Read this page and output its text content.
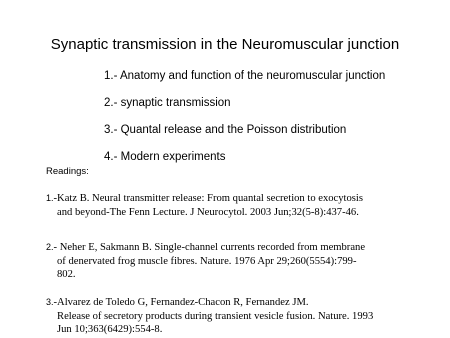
Synaptic transmission in the Neuromuscular junction
1.- Anatomy and function of the neuromuscular junction
2.- synaptic transmission
3.- Quantal release and the Poisson distribution
4.- Modern experiments
Readings:
1.-Katz B. Neural transmitter release: From quantal secretion to exocytosis
and beyond-The Fenn Lecture. J Neurocytol. 2003 Jun;32(5-8):437-46.
2.- Neher E, Sakmann B. Single-channel currents recorded from membrane
of denervated frog muscle fibres. Nature. 1976 Apr 29;260(5554):799-
802.
3.-Alvarez de Toledo G, Fernandez-Chacon R, Fernandez JM.
Release of secretory products during transient vesicle fusion. Nature. 1993
Jun 10;363(6429):554-8.
